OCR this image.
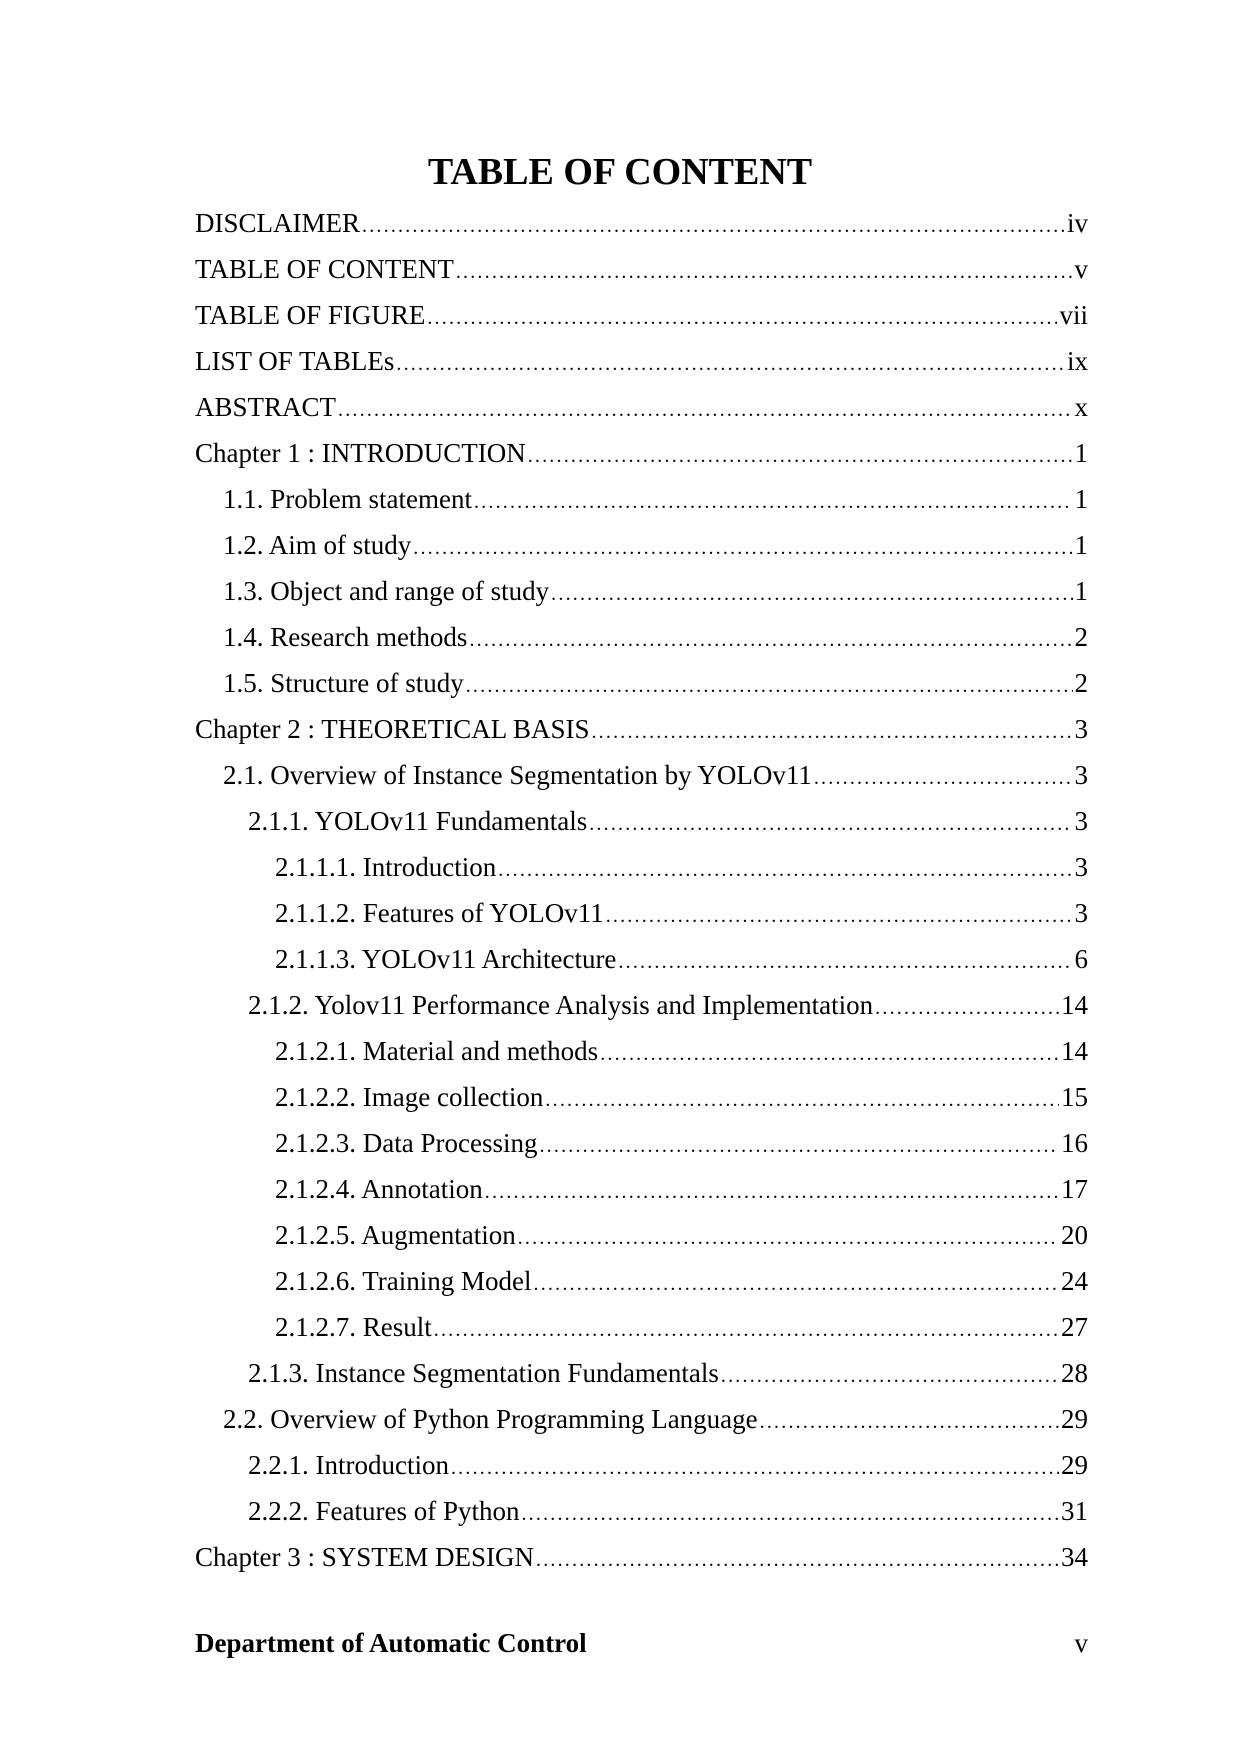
TABLE OF CONTENT
DISCLAIMER .....	iv
TABLE OF CONTENT .....	v
TABLE OF FIGURE .....	vii
LIST OF TABLEs .....	ix
ABSTRACT .....	x
Chapter 1 : INTRODUCTION .....	1
1.1. Problem statement .....	1
1.2. Aim of study .....	1
1.3. Object and range of study .....	1
1.4. Research methods .....	2
1.5. Structure of study .....	2
Chapter 2 : THEORETICAL BASIS .....	3
2.1. Overview of Instance Segmentation by YOLOv11 .....	3
2.1.1. YOLOv11 Fundamentals .....	3
2.1.1.1. Introduction .....	3
2.1.1.2. Features of YOLOv11 .....	3
2.1.1.3. YOLOv11 Architecture .....	6
2.1.2. Yolov11 Performance Analysis and Implementation .....	14
2.1.2.1. Material and methods .....	14
2.1.2.2. Image collection .....	15
2.1.2.3. Data Processing .....	16
2.1.2.4. Annotation .....	17
2.1.2.5. Augmentation .....	20
2.1.2.6. Training Model .....	24
2.1.2.7. Result .....	27
2.1.3. Instance Segmentation Fundamentals .....	28
2.2. Overview of Python Programming Language .....	29
2.2.1. Introduction .....	29
2.2.2. Features of Python .....	31
Chapter 3 : SYSTEM DESIGN .....	34
Department of Automatic Control	v
